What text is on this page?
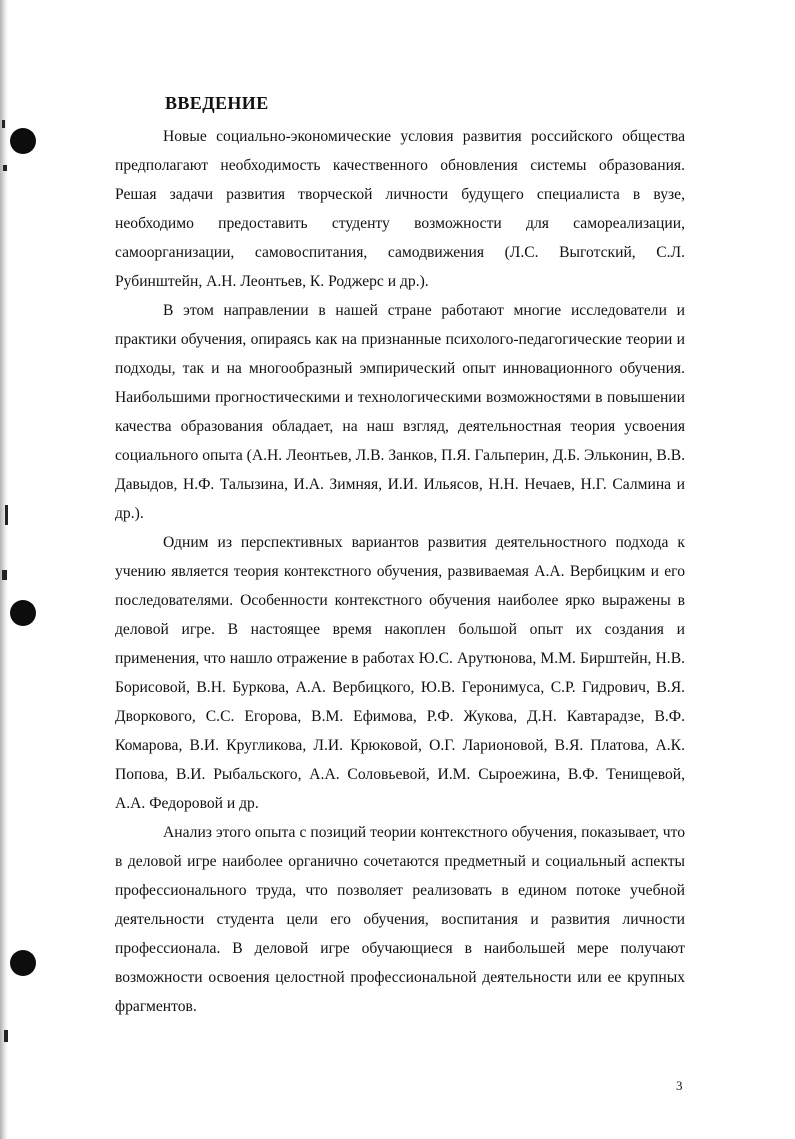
ВВЕДЕНИЕ

Новые социально-экономические условия развития российского общества предполагают необходимость качественного обновления системы образования. Решая задачи развития творческой личности будущего специалиста в вузе, необходимо предоставить студенту возможности для самореализации, самоорганизации, самовоспитания, самодвижения (Л.С. Выготский, С.Л. Рубинштейн, А.Н. Леонтьев, К. Роджерс и др.).

В этом направлении в нашей стране работают многие исследователи и практики обучения, опираясь как на признанные психолого-педагогические теории и подходы, так и на многообразный эмпирический опыт инновационного обучения. Наибольшими прогностическими и технологическими возможностями в повышении качества образования обладает, на наш взгляд, деятельностная теория усвоения социального опыта (А.Н. Леонтьев, Л.В. Занков, П.Я. Гальперин, Д.Б. Эльконин, В.В. Давыдов, Н.Ф. Талызина, И.А. Зимняя, И.И. Ильясов, Н.Н. Нечаев, Н.Г. Салмина и др.).

Одним из перспективных вариантов развития деятельностного подхода к учению является теория контекстного обучения, развиваемая А.А. Вербицким и его последователями. Особенности контекстного обучения наиболее ярко выражены в деловой игре. В настоящее время накоплен большой опыт их создания и применения, что нашло отражение в работах Ю.С. Арутюнова, М.М. Бирштейн, Н.В. Борисовой, В.Н. Буркова, А.А. Вербицкого, Ю.В. Геронимуса, С.Р. Гидрович, В.Я. Дворкового, С.С. Егорова, В.М. Ефимова, Р.Ф. Жукова, Д.Н. Кавтарадзе, В.Ф. Комарова, В.И. Кругликова, Л.И. Крюковой, О.Г. Ларионовой, В.Я. Платова, А.К. Попова, В.И. Рыбальского, А.А. Соловьевой, И.М. Сыроежина, В.Ф. Тенищевой, А.А. Федоровой и др.

Анализ этого опыта с позиций теории контекстного обучения, показывает, что в деловой игре наиболее органично сочетаются предметный и социальный аспекты профессионального труда, что позволяет реализовать в едином потоке учебной деятельности студента цели его обучения, воспитания и развития личности профессионала. В деловой игре обучающиеся в наибольшей мере получают возможности освоения целостной профессиональной деятельности или ее крупных фрагментов.

3
